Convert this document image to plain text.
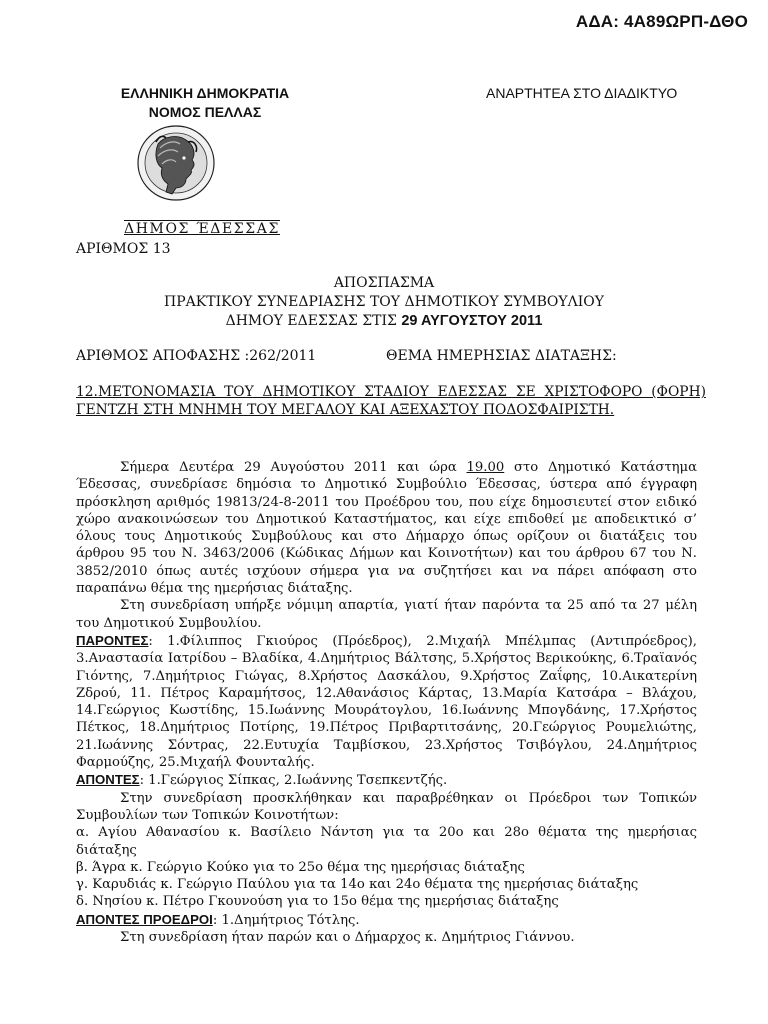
ΑΔΑ: 4Α89ΩΡΠ-ΔΘΟ
ΕΛΛΗΝΙΚΗ ΔΗΜΟΚΡΑΤΙΑ
ΝΟΜΟΣ ΠΕΛΛΑΣ
ΑΝΑΡΤΗΤΕΑ ΣΤΟ ΔΙΑΔΙΚΤΥΟ
ΔΗΜΟΣ ΈΔΕΣΣΑΣ
ΑΡΙΘΜΟΣ 13
ΑΠΟΣΠΑΣΜΑ
ΠΡΑΚΤΙΚΟΥ ΣΥΝΕΔΡΙΑΣΗΣ ΤΟΥ ΔΗΜΟΤΙΚΟΥ ΣΥΜΒΟΥΛΙΟΥ
ΔΗΜΟΥ ΕΔΕΣΣΑΣ ΣΤΙΣ 29 ΑΥΓΟΥΣΤΟΥ 2011
ΑΡΙΘΜΟΣ ΑΠΟΦΑΣΗΣ :262/2011	ΘΕΜΑ ΗΜΕΡΗΣΙΑΣ ΔΙΑΤΑΞΗΣ:
12.ΜΕΤΟΝΟΜΑΣΙΑ ΤΟΥ ΔΗΜΟΤΙΚΟΥ ΣΤΑΔΙΟΥ ΕΔΕΣΣΑΣ ΣΕ ΧΡΙΣΤΟΦΟΡΟ (ΦΟΡΗ) ΓΕΝΤΖΗ ΣΤΗ ΜΝΗΜΗ ΤΟΥ ΜΕΓΑΛΟΥ ΚΑΙ ΑΞΕΧΑΣΤΟΥ ΠΟΔΟΣΦΑΙΡΙΣΤΗ.

Σήμερα Δευτέρα 29 Αυγούστου 2011 και ώρα 19.00 στο Δημοτικό Κατάστημα Έδεσσας, συνεδρίασε δημόσια το Δημοτικό Συμβούλιο Έδεσσας, ύστερα από έγγραφη πρόσκληση αριθμός 19813/24-8-2011 του Προέδρου του, που είχε δημοσιευτεί στον ειδικό χώρο ανακοινώσεων του Δημοτικού Καταστήματος, και είχε επιδοθεί με αποδεικτικό σ’ όλους τους Δημοτικούς Συμβούλους και στο Δήμαρχο όπως ορίζουν οι διατάξεις του άρθρου 95 του Ν. 3463/2006 (Κώδικας Δήμων και Κοινοτήτων) και του άρθρου 67 του Ν. 3852/2010 όπως αυτές ισχύουν σήμερα για να συζητήσει και να πάρει απόφαση στο παραπάνω θέμα της ημερήσιας διάταξης.

Στη συνεδρίαση υπήρξε νόμιμη απαρτία, γιατί ήταν παρόντα τα 25 από τα 27 μέλη του Δημοτικού Συμβουλίου.

ΠΑΡΟΝΤΕΣ: 1.Φίλιππος Γκιούρος (Πρόεδρος), 2.Μιχαήλ Μπέλμπας (Αντιπρόεδρος), 3.Αναστασία Ιατρίδου – Βλαδίκα, 4.Δημήτριος Βάλτσης, 5.Χρήστος Βερικούκης, 6.Τραϊανός Γιόντης, 7.Δημήτριος Γιώγας, 8.Χρήστος Δασκάλου, 9.Χρήστος Ζαΐφης, 10.Αικατερίνη Ζδρού, 11. Πέτρος Καραμήτσος, 12.Αθανάσιος Κάρτας, 13.Μαρία Κατσάρα – Βλάχου, 14.Γεώργιος Κωστίδης, 15.Ιωάννης Μουράτογλου, 16.Ιωάννης Μπογδάνης, 17.Χρήστος Πέτκος, 18.Δημήτριος Ποτίρης, 19.Πέτρος Πριβαρτιτσάνης, 20.Γεώργιος Ρουμελιώτης, 21.Ιωάννης Σόντρας, 22.Ευτυχία Ταμβίσκου, 23.Χρήστος Τσιβόγλου, 24.Δημήτριος Φαρμούζης, 25.Μιχαήλ Φουνταλής.

ΑΠΟΝΤΕΣ: 1.Γεώργιος Σίπκας, 2.Ιωάννης Τσεπκεντζής.

Στην συνεδρίαση προσκλήθηκαν και παραβρέθηκαν οι Πρόεδροι των Τοπικών Συμβουλίων των Τοπικών Κοινοτήτων:

α. Αγίου Αθανασίου κ. Βασίλειο Νάντση για τα 20ο και 28ο θέματα της ημερήσιας διάταξης

β. Άγρα κ. Γεώργιο Κούκο για το 25ο θέμα της ημερήσιας διάταξης

γ. Καρυδιάς κ. Γεώργιο Παύλου για τα 14ο και 24ο θέματα της ημερήσιας διάταξης

δ. Νησίου κ. Πέτρο Γκουνούση για το 15ο θέμα της ημερήσιας διάταξης

ΑΠΟΝΤΕΣ ΠΡΟΕΔΡΟΙ: 1.Δημήτριος Τότλης.

Στη συνεδρίαση ήταν παρών και ο Δήμαρχος κ. Δημήτριος Γιάννου.
